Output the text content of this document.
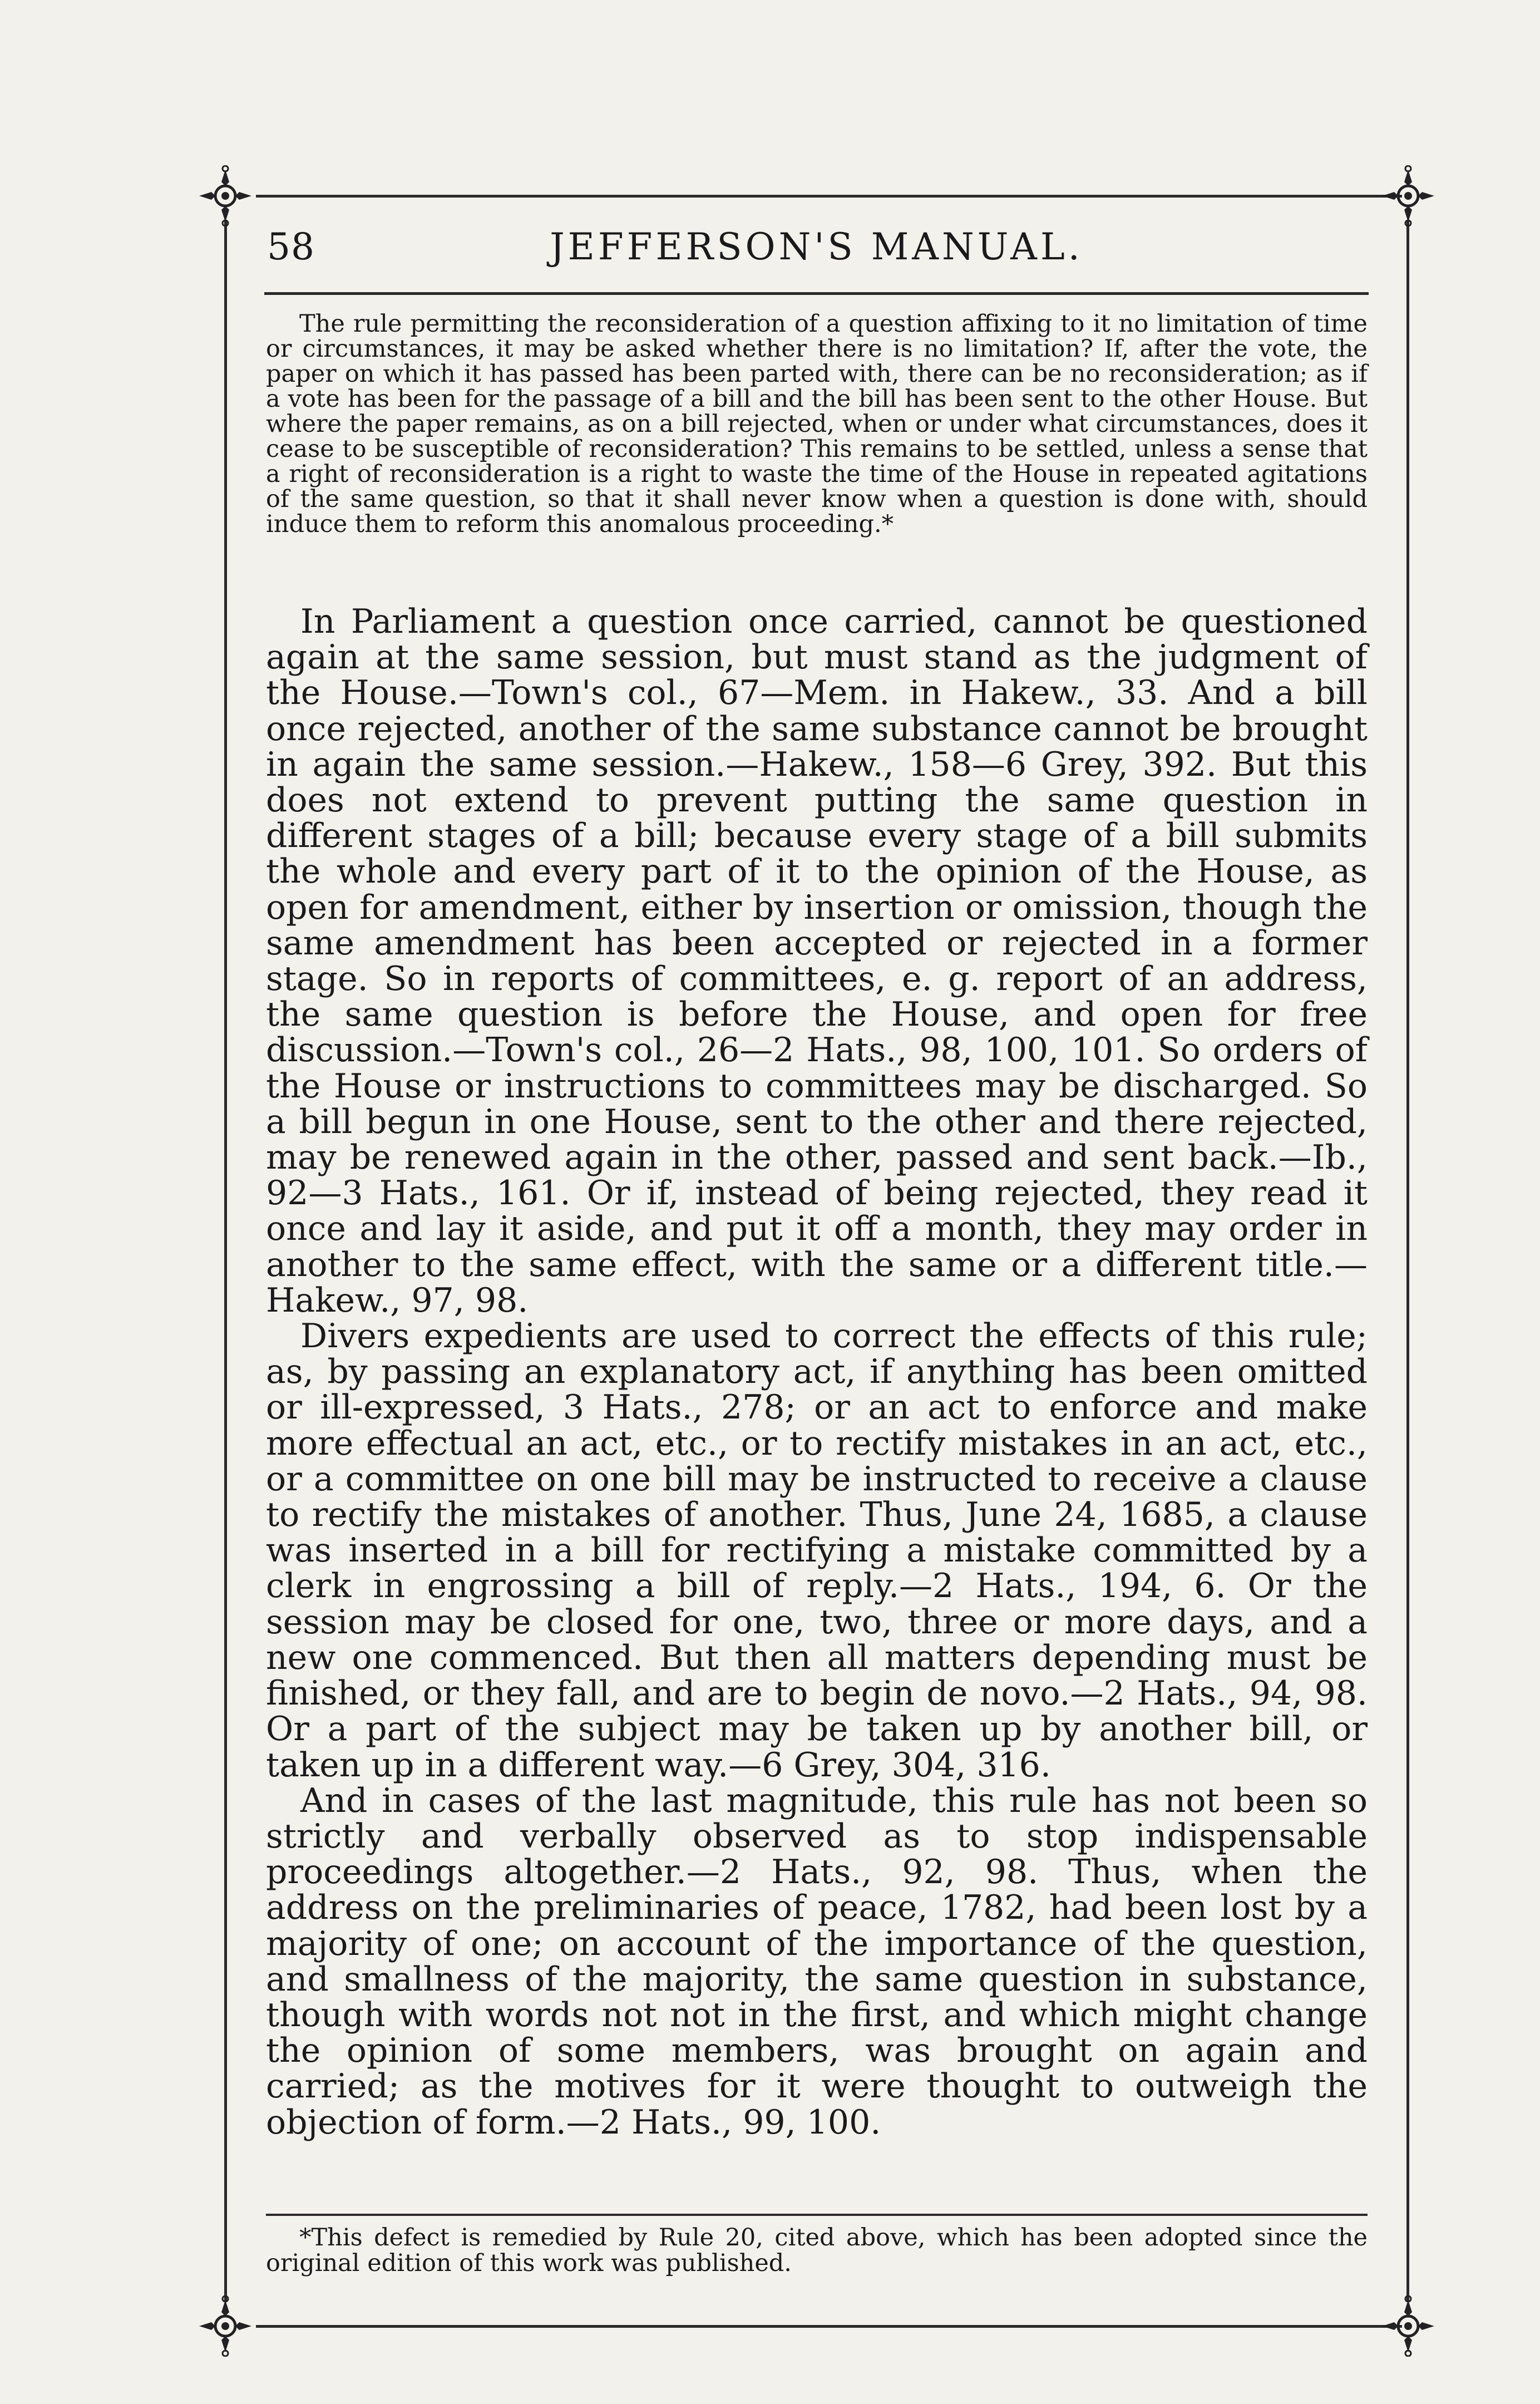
58	JEFFERSON'S MANUAL.

The rule permitting the reconsideration of a question affixing to it no limitation of time or circumstances, it may be asked whether there is no limitation? If, after the vote, the paper on which it has passed has been parted with, there can be no reconsideration; as if a vote has been for the passage of a bill and the bill has been sent to the other House. But where the paper remains, as on a bill rejected, when or under what circumstances, does it cease to be susceptible of reconsideration? This remains to be settled, unless a sense that a right of reconsideration is a right to waste the time of the House in repeated agitations of the same question, so that it shall never know when a question is done with, should induce them to reform this anomalous proceeding.*

In Parliament a question once carried, cannot be questioned again at the same session, but must stand as the judgment of the House.—Town's col., 67—Mem. in Hakew., 33. And a bill once rejected, another of the same substance cannot be brought in again the same session.—Hakew., 158—6 Grey, 392. But this does not extend to prevent putting the same question in different stages of a bill; because every stage of a bill submits the whole and every part of it to the opinion of the House, as open for amendment, either by insertion or omission, though the same amendment has been accepted or rejected in a former stage. So in reports of committees, e. g. report of an address, the same question is before the House, and open for free discussion.—Town's col., 26—2 Hats., 98, 100, 101. So orders of the House or instructions to committees may be discharged. So a bill begun in one House, sent to the other and there rejected, may be renewed again in the other, passed and sent back.—Ib., 92—3 Hats., 161. Or if, instead of being rejected, they read it once and lay it aside, and put it off a month, they may order in another to the same effect, with the same or a different title.—Hakew., 97, 98.

Divers expedients are used to correct the effects of this rule; as, by passing an explanatory act, if anything has been omitted or ill-expressed, 3 Hats., 278; or an act to enforce and make more effectual an act, etc., or to rectify mistakes in an act, etc., or a committee on one bill may be instructed to receive a clause to rectify the mistakes of another. Thus, June 24, 1685, a clause was inserted in a bill for rectifying a mistake committed by a clerk in engrossing a bill of reply.—2 Hats., 194, 6. Or the session may be closed for one, two, three or more days, and a new one commenced. But then all matters depending must be finished, or they fall, and are to begin de novo.—2 Hats., 94, 98. Or a part of the subject may be taken up by another bill, or taken up in a different way.—6 Grey, 304, 316.

And in cases of the last magnitude, this rule has not been so strictly and verbally observed as to stop indispensable proceedings altogether.—2 Hats., 92, 98. Thus, when the address on the preliminaries of peace, 1782, had been lost by a majority of one; on account of the importance of the question, and smallness of the majority, the same question in substance, though with words not not in the first, and which might change the opinion of some members, was brought on again and carried; as the motives for it were thought to outweigh the objection of form.—2 Hats., 99, 100.

*This defect is remedied by Rule 20, cited above, which has been adopted since the original edition of this work was published.
